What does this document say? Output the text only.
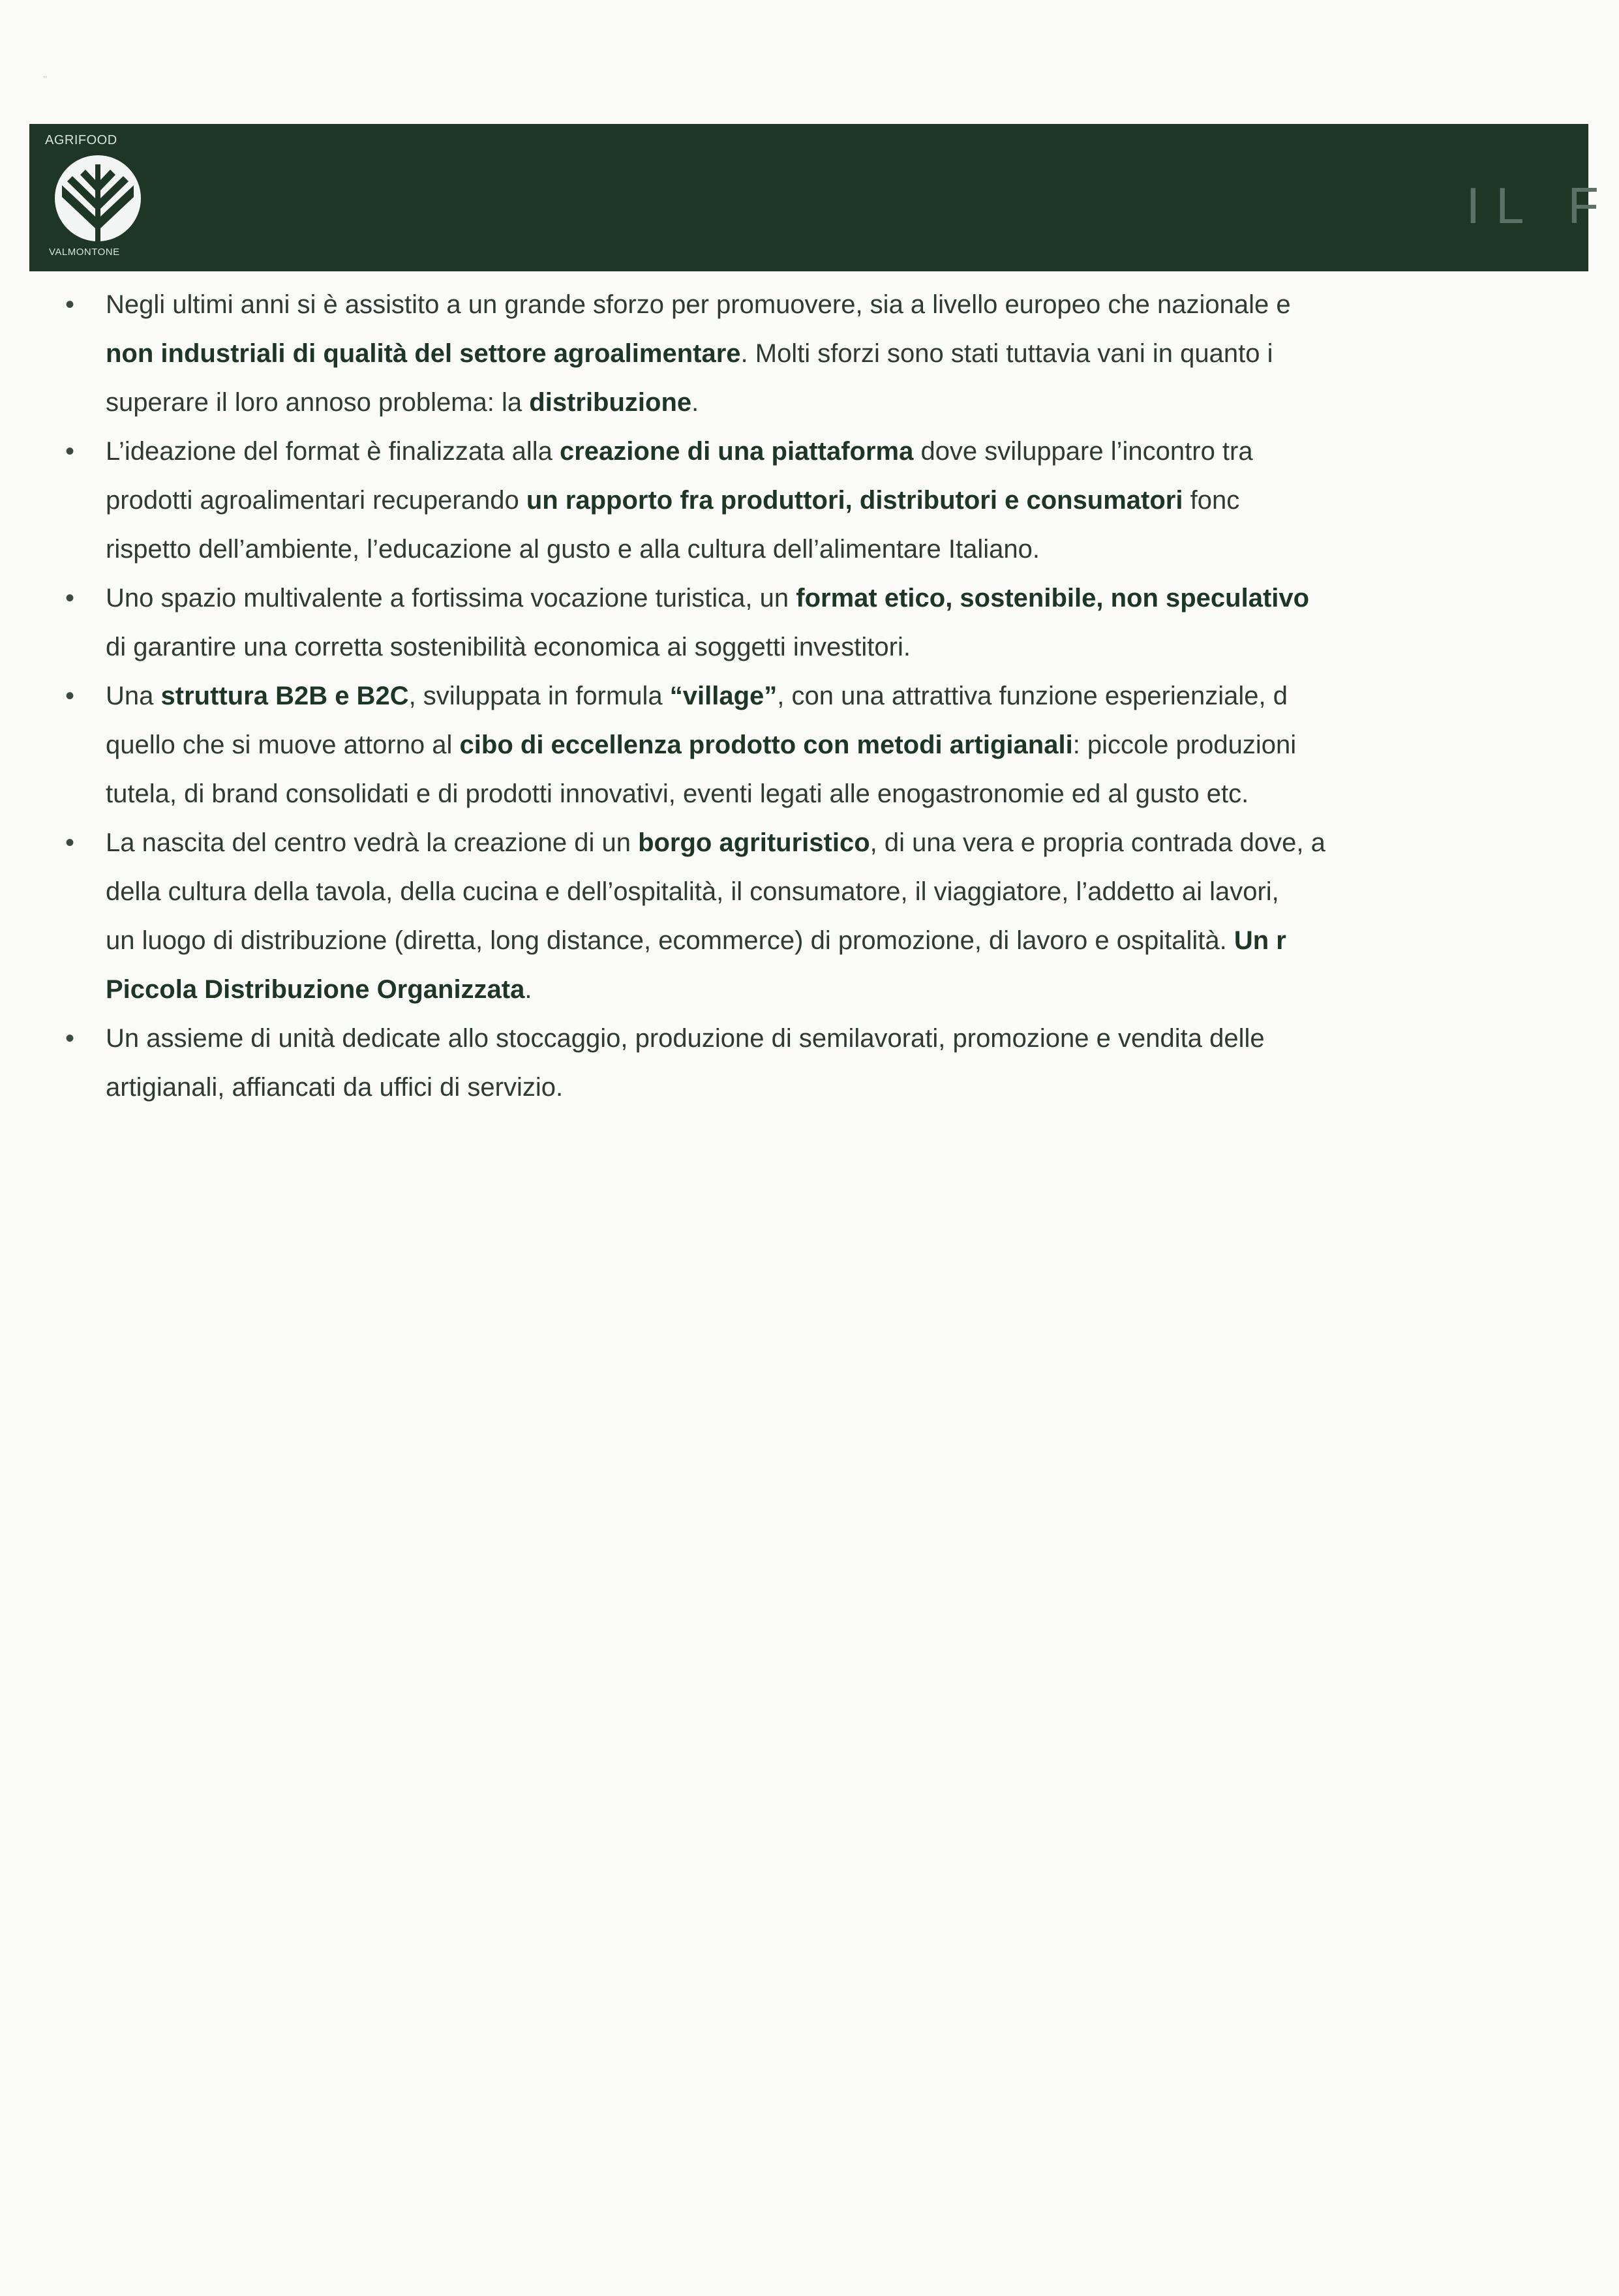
ʼʼ
AGRIFOOD
VALMONTONE
IL F
• Negli ultimi anni si è assistito a un grande sforzo per promuovere, sia a livello europeo che nazionale e
non industriali di qualità del settore agroalimentare. Molti sforzi sono stati tuttavia vani in quanto i
superare il loro annoso problema: la distribuzione.
• L’ideazione del format è finalizzata alla creazione di una piattaforma dove sviluppare l’incontro tra
prodotti agroalimentari recuperando un rapporto fra produttori, distributori e consumatori fonc
rispetto dell’ambiente, l’educazione al gusto e alla cultura dell’alimentare Italiano.
• Uno spazio multivalente a fortissima vocazione turistica, un format etico, sostenibile, non speculativo
di garantire una corretta sostenibilità economica ai soggetti investitori.
• Una struttura B2B e B2C, sviluppata in formula “village”, con una attrattiva funzione esperienziale, d
quello che si muove attorno al cibo di eccellenza prodotto con metodi artigianali: piccole produzioni
tutela, di brand consolidati e di prodotti innovativi, eventi legati alle enogastronomie ed al gusto etc.
• La nascita del centro vedrà la creazione di un borgo agrituristico, di una vera e propria contrada dove, a
della cultura della tavola, della cucina e dell’ospitalità, il consumatore, il viaggiatore, l’addetto ai lavori,
un luogo di distribuzione (diretta, long distance, ecommerce) di promozione, di lavoro e ospitalità. Un r
Piccola Distribuzione Organizzata.
• Un assieme di unità dedicate allo stoccaggio, produzione di semilavorati, promozione e vendita delle
artigianali, affiancati da uffici di servizio.
